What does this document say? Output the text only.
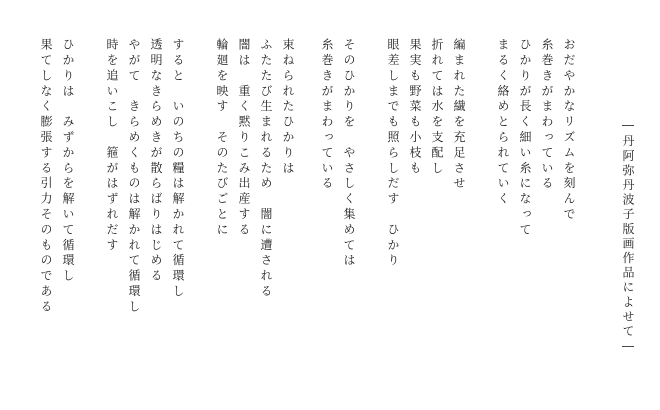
―丹阿弥丹波子版画作品によせて―
おだやかなリズムを刻んで
糸巻きがまわっている
ひかりが長く細い糸になって
まるく絡めとられていく
編まれた繊を充足させ
折れては水を支配し
果実も野菜も小枝も
眼差しまでも照らしだす　ひかり
そのひかりを　やさしく集めては
糸巻きがまわっている
束ねられたひかりは
ふたたび生まれるため　闇に遭される
闇は　重く黙りこみ出産する
輪廻を映す　そのたびごとに
すると　いのちの糧は解かれて循環し
透明なきらめきが散らばりはじめる
やがて　きらめくものは解かれて循環し
時を追いこし　箍がはずれだす
ひかりは　みずからを解いて循環し
果てしなく膨張する引力そのものである
